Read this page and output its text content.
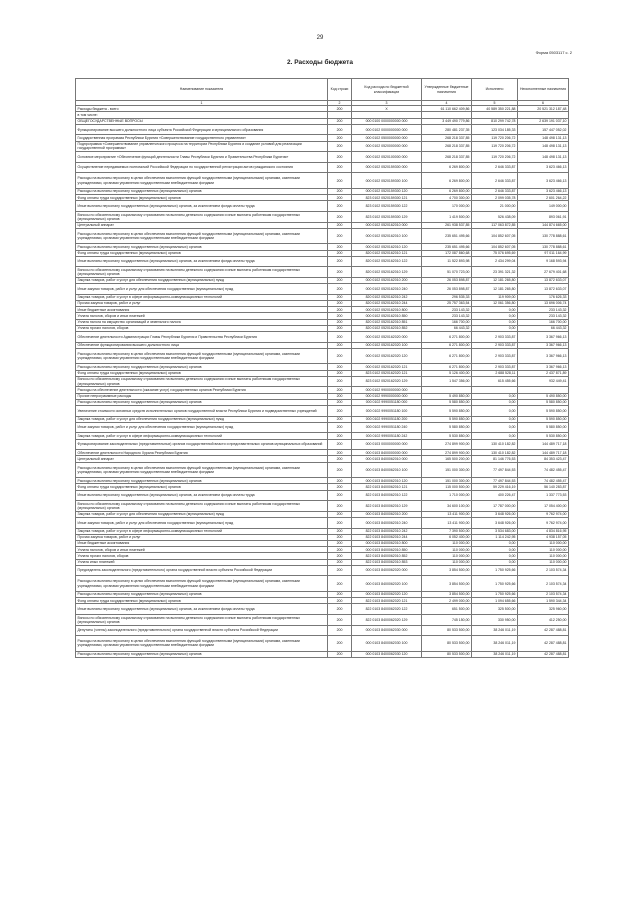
29
Форма 0503117 с. 2
2. Расходы бюджета
Наименование показателя	Код строки	Код расхода по бюджетной классификации	Утвержденные бюджетные назначения	Исполнено	Неисполненные назначения
1	2	3	4	5	6
Расходы бюджета - всего	200	X	61 110 662 409,86	40 589 350 221,88	20 521 312 187,48
в том числе:					
ОБЩЕГОСУДАРСТВЕННЫЕ ВОПРОСЫ	200	000 0100 0000000000 000	3 449 490 779,86	810 299 742,78	2 639 191 037,10
Функционирование высшего должностного лица субъекта Российской Федерации и муниципального образования	200	000 0102 0000000000 000	280 481 237,35	123 034 185,33	157 447 052,02
Государственная программа Республики Бурятия «Совершенствование государственного управления»	200	000 0102 0500000000 000	268 218 337,85	119 720 206,72	148 498 131,13
Подпрограмма «Совершенствование управленческого процесса на территории Республики Бурятия и создание условий для реализации государственной программы»	200	000 0102 0520000000 000	268 218 337,85	119 720 206,72	148 498 131,13
Основное мероприятие «Обеспечение функций деятельности Главы Республики Бурятия и Правительства Республики Бурятия»	200	000 0102 0520100000 000	268 218 337,85	119 720 206,72	148 498 131,13
Осуществление передаваемых полномочий Российской Федерации по государственной регистрации актов гражданского состояния	200	000 0102 0520159300 000	6 269 800,00	2 646 333,87	3 623 466,13
Расходы на выплаты персоналу в целях обеспечения выполнения функций государственными (муниципальными) органами, казенными учреждениями, органами управления государственными внебюджетными фондами	200	000 0102 0520159300 100	6 269 800,00	2 646 333,87	3 623 466,13
Расходы на выплаты персоналу государственных (муниципальных) органов	200	000 0102 0520159300 120	6 269 800,00	2 646 333,87	3 623 466,13
Фонд оплаты труда государственных (муниципальных) органов	200	823 0102 0520159300 121	4 700 300,00	2 099 035,78	2 601 264,22
Иные выплаты персоналу государственных (муниципальных) органов, за исключением фонда оплаты труда	200	823 0102 0520159300 122	170 000,00	21 000,00	149 000,00
Взносы по обязательному социальному страхованию на выплаты денежного содержания и иные выплаты работникам государственных (муниципальных) органов	200	823 0102 0520159300 129	1 419 500,00	526 438,09	893 061,91
Центральный аппарат	200	000 0102 0520162010 000	261 938 537,85	117 063 872,85	144 874 665,00
Расходы на выплаты персоналу в целях обеспечения выполнения функций государственными (муниципальными) органами, казенными учреждениями, органами управления государственными внебюджетными фондами	200	000 0102 0520162010 100	235 651 495,66	104 852 607,05	130 778 888,61
Расходы на выплаты персоналу государственных (муниципальных) органов	200	000 0102 0520162010 120	235 651 495,66	104 852 607,05	130 778 888,61
Фонд оплаты труда государственных (муниципальных) органов	200	820 0102 0520162010 121	172 087 860,68	75 076 695,69	97 011 164,99
Иные выплаты персоналу государственных (муниципальных) органов, за исключением фонда оплаты труда	200	820 0102 0520162010 122	11 522 893,98	2 434 299,04	9 168 593,94
Взносы по обязательному социальному страхованию на выплаты денежного содержания и иные выплаты работникам государственных (муниципальных) органов	200	820 0102 0520162010 129	51 070 723,00	23 391 321,32	27 679 401,68
Закупка товаров, работ и услуг для обеспечения государственных (муниципальных) нужд	200	000 0102 0520162010 200	26 053 898,87	12 181 265,80	13 872 633,07
Иные закупки товаров, работ и услуг для обеспечения государственных (муниципальных) нужд	200	000 0102 0520162010 240	26 053 898,87	12 181 265,80	13 872 633,07
Закупка товаров, работ и услуг в сфере информационно-коммуникационных технологий	200	820 0102 0520162010 242	296 535,33	119 909,00	176 626,33
Прочая закупка товаров, работ и услуг	200	820 0102 0520162010 244	25 757 363,54	12 061 356,80	13 696 006,74
Иные бюджетные ассигнования	200	000 0102 0520162010 800	233 143,32	0,00	233 143,32
Уплата налогов, сборов и иных платежей	200	000 0102 0520162010 850	233 143,32	0,00	233 143,32
Уплата налога на имущество организаций и земельного налога	200	820 0102 0520162010 851	166 700,00	0,00	166 700,00
Уплата прочих налогов, сборов	200	820 0102 0520162010 852	66 443,32	0,00	66 443,32
Обеспечение деятельности Администрации Главы Республики Бурятия и Правительства Республики Бурятия	200	000 0102 0520162020 000	6 271 800,00	2 903 333,87	3 367 966,13
Обеспечение функционирования высшего должностного лица	200	000 0102 0520162020 100	6 271 800,00	2 903 333,87	3 367 966,13
Расходы на выплаты персоналу в целях обеспечения выполнения функций государственными (муниципальными) органами, казенными учреждениями, органами управления государственными внебюджетными фондами	200	000 0102 0520162020 120	6 271 800,00	2 903 333,87	3 367 966,13
Расходы на выплаты персоналу государственных (муниципальных) органов	200	000 0102 0520162020 121	6 271 800,00	2 903 333,87	3 367 966,13
Фонд оплаты труда государственных (муниципальных) органов	200	823 0102 0520162020 121	5 126 400,00	2 688 528,11	2 437 871,89
Взносы по обязательному социальному страхованию на выплаты денежного содержания и иные выплаты работникам государственных (муниципальных) органов	200	823 0102 0520162020 129	1 547 356,00	615 455,66	932 449,41
Расходы на обеспечение деятельности (оказание услуг) государственных органов Республики Бурятия	200	000 0102 9900000000 000			
Прочие непрограммные расходы	200	000 0102 9990000000 000	5 490 850,00	0,00	5 490 850,00
Расходы на выплаты персоналу государственных (муниципальных) органов	200	000 0102 9990051180 000	5 580 850,00	0,00	5 580 850,00
Увеличение стоимости основных средств исполнительных органов государственной власти Республики Бурятия и подведомственных учреждений	200	000 0102 9990051180 100	5 590 850,00	0,00	5 590 850,00
Закупка товаров, работ и услуг для обеспечения государственных (муниципальных) нужд	200	000 0102 9990051180 200	5 590 850,00	0,00	5 590 850,00
Иные закупки товаров, работ и услуг для обеспечения государственных (муниципальных) нужд	200	000 0102 9990051180 240	5 580 850,00	0,00	5 580 850,00
Закупка товаров, работ и услуг в сфере информационно-коммуникационных технологий	200	000 0102 9990051180 242	5 530 850,00	0,00	5 530 850,00
Функционирование законодательных (представительных) органов государственной власти и представительных органов муниципальных образований	200	000 0103 0000000000 000	274 899 900,00	130 410 182,82	144 489 717,18
Обеспечение деятельности Народного Хурала Республики Бурятия	200	000 0103 8400000000 000	274 899 900,00	130 410 182,82	144 489 717,18
Центральный аппарат	200	000 0103 8400062010 000	165 500 200,00	81 146 776,53	84 353 423,47
Расходы на выплаты персоналу в целях обеспечения выполнения функций государственными (муниципальными) органами, казенными учреждениями, органами управления государственными внебюджетными фондами	200	000 0103 8400062010 100	151 000 300,00	77 497 844,53	74 482 455,47
Расходы на выплаты персоналу государственных (муниципальных) органов	200	000 0103 8400062010 120	151 000 300,00	77 497 844,53	74 482 455,47
Фонд оплаты труда государственных (муниципальных) органов	200	822 0103 8400062010 121	115 000 500,00	59 229 416,19	56 140 283,87
Иные выплаты персоналу государственных (муниципальных) органов, за исключением фонда оплаты труда	200	822 0103 8400062010 122	1 710 000,00	400 226,47	1 337 773,53
Взносы по обязательному социальному страхованию на выплаты денежного содержания и иные выплаты работникам государственных (муниципальных) органов	200	822 0103 8400062010 129	34 600 100,00	17 787 000,00	17 054 400,00
Закупка товаров, работ и услуг для обеспечения государственных (муниципальных) нужд	200	000 0103 8400062010 200	13 411 900,00	3 648 926,00	9 762 974,00
Иные закупки товаров, работ и услуг для обеспечения государственных (муниципальных) нужд	200	000 0103 8400062010 240	13 411 900,00	3 648 926,00	9 762 974,00
Закупка товаров, работ и услуг в сфере информационно-коммуникационных технологий	200	822 0103 8400062010 242	7 390 500,00	3 534 683,00	4 834 816,95
Прочая закупка товаров, работ и услуг	200	822 0103 8400062010 244	6 052 400,00	1 114 242,95	4 938 157,05
Иные бюджетные ассигнования	200	000 0103 8400062010 800	110 000,00	0,00	110 000,00
Уплата налогов, сборов и иных платежей	200	000 0103 8400062010 850	110 000,00	0,00	110 000,00
Уплата прочих налогов, сборов	200	822 0103 8400062010 852	110 000,00	0,00	110 000,00
Уплата иных платежей	200	822 0103 8400062010 853	110 000,00	0,00	110 000,00
Председатель законодательного (представительного) органа государственной власти субъекта Российской Федерации	200	000 0103 8400062020 000	3 854 500,00	1 750 925,66	2 103 574,34
Расходы на выплаты персоналу в целях обеспечения выполнения функций государственными (муниципальными) органами, казенными учреждениями, органами управления государственными внебюджетными фондами	200	000 0103 8400062020 100	3 854 500,00	1 750 925,66	2 103 574,34
Расходы на выплаты персоналу государственных (муниципальных) органов	200	000 0103 8400062020 120	3 854 500,00	1 750 925,66	2 103 574,34
Фонд оплаты труда государственных (муниципальных) органов	200	822 0103 8400062020 121	2 499 000,00	1 094 655,66	1 590 344,34
Иные выплаты персоналу государственных (муниципальных) органов, за исключением фонда оплаты труда	200	822 0103 8400062020 122	651 500,00	325 500,00	325 960,00
Взносы по обязательному социальному страхованию на выплаты денежного содержания и иные выплаты работникам государственных (муниципальных) органов	200	822 0103 8400062020 129	745 150,00	330 950,00	412 250,00
Депутаты (члены) законодательного (представительного) органа государственной власти субъекта Российской Федерации	200	000 0103 8400062030 000	80 533 500,00	38 246 011,19	42 287 488,81
Расходы на выплаты персоналу в целях обеспечения выполнения функций государственными (муниципальными) органами, казенными учреждениями, органами управления государственными внебюджетными фондами	200	000 0103 8400062030 100	80 533 500,00	38 246 011,19	42 287 488,81
Расходы на выплаты персоналу государственных (муниципальных) органов	200	000 0103 8400062030 120	80 533 500,00	38 246 011,19	42 287 488,81
